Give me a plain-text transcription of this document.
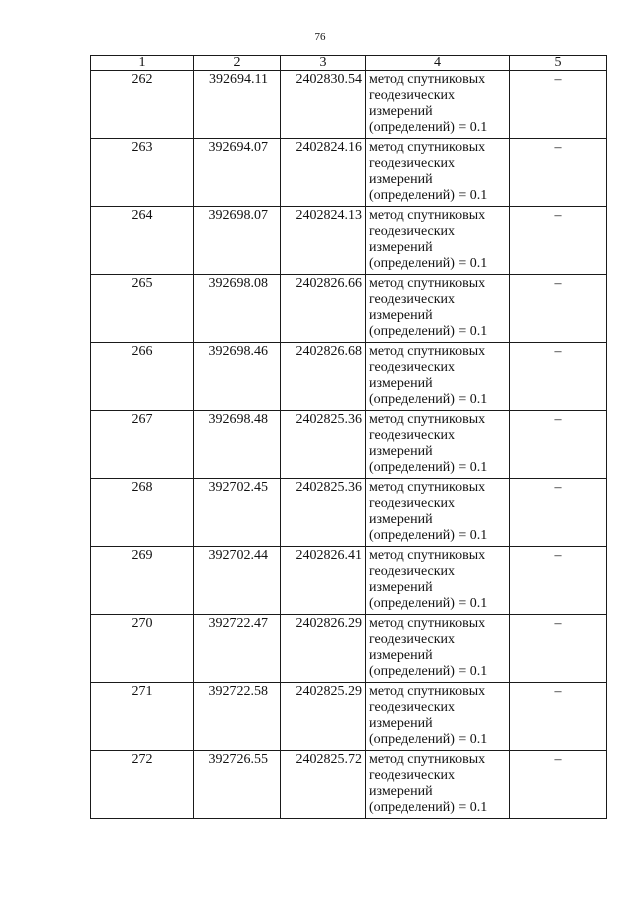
76
1	2	3	4	5
262	392694.11	2402830.54	метод спутниковых
геодезических
измерений
(определений) = 0.1	–
263	392694.07	2402824.16	метод спутниковых
геодезических
измерений
(определений) = 0.1	–
264	392698.07	2402824.13	метод спутниковых
геодезических
измерений
(определений) = 0.1	–
265	392698.08	2402826.66	метод спутниковых
геодезических
измерений
(определений) = 0.1	–
266	392698.46	2402826.68	метод спутниковых
геодезических
измерений
(определений) = 0.1	–
267	392698.48	2402825.36	метод спутниковых
геодезических
измерений
(определений) = 0.1	–
268	392702.45	2402825.36	метод спутниковых
геодезических
измерений
(определений) = 0.1	–
269	392702.44	2402826.41	метод спутниковых
геодезических
измерений
(определений) = 0.1	–
270	392722.47	2402826.29	метод спутниковых
геодезических
измерений
(определений) = 0.1	–
271	392722.58	2402825.29	метод спутниковых
геодезических
измерений
(определений) = 0.1	–
272	392726.55	2402825.72	метод спутниковых
геодезических
измерений
(определений) = 0.1	–
